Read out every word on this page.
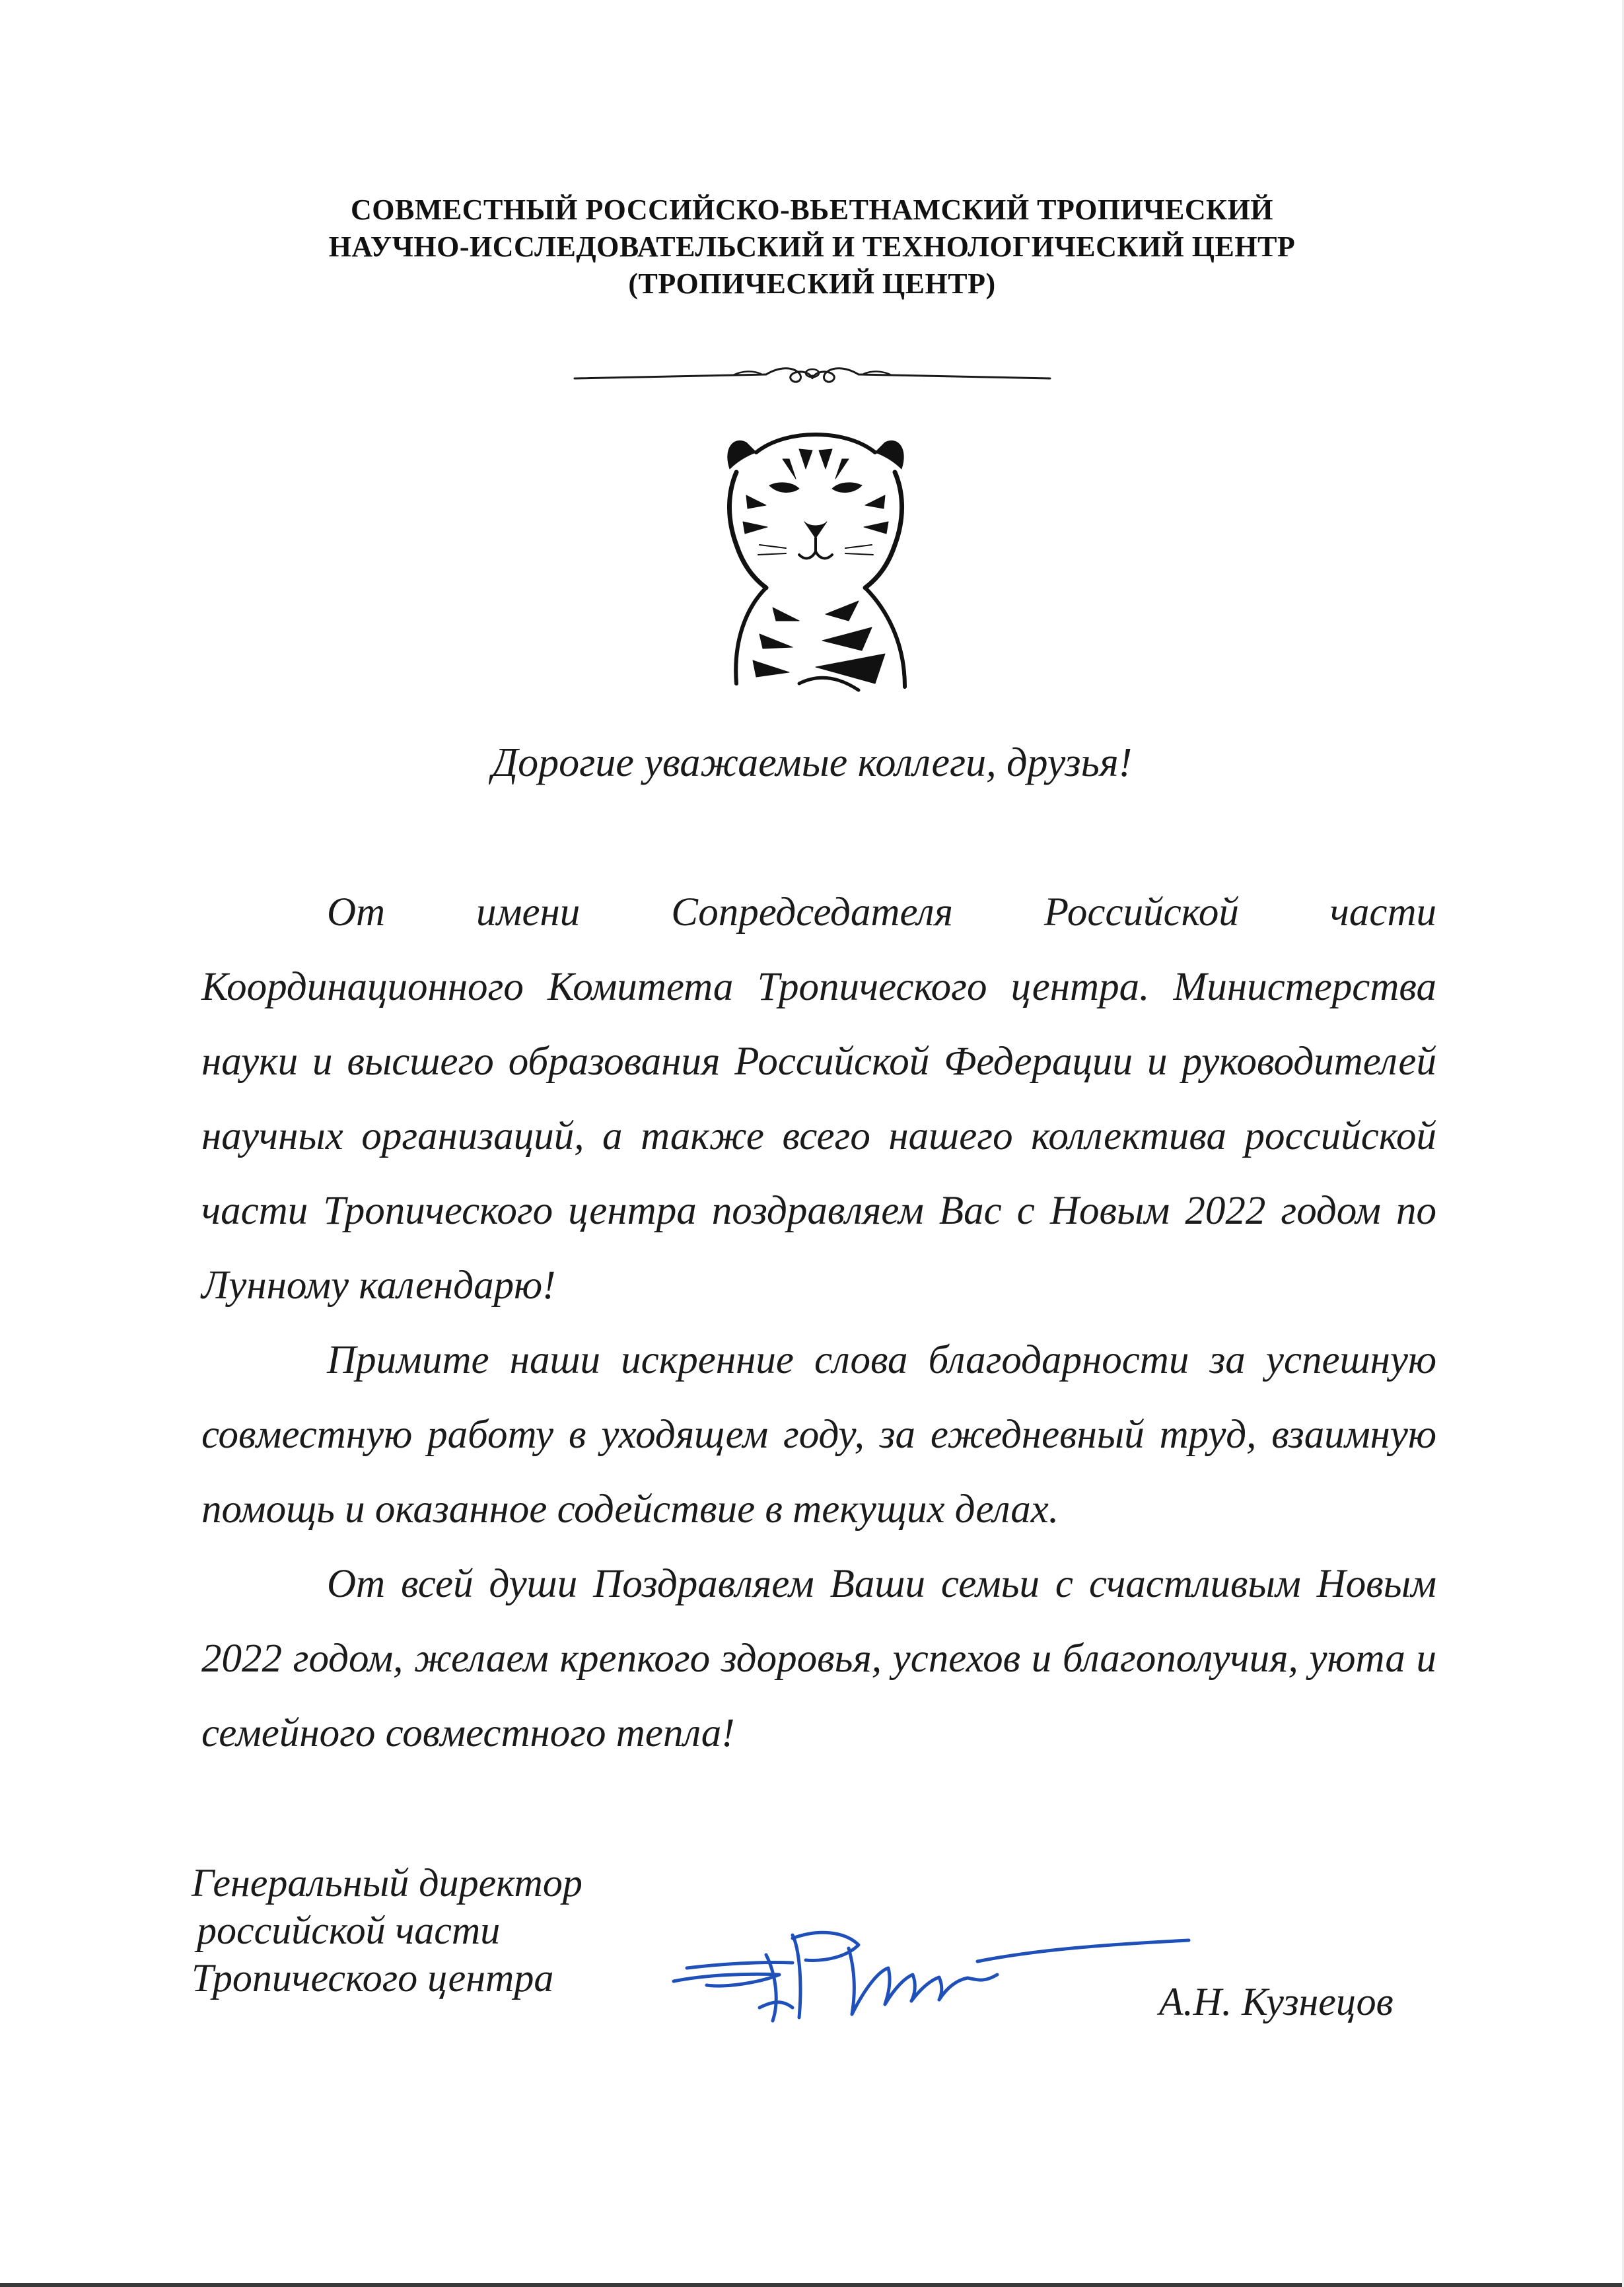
СОВМЕСТНЫЙ РОССИЙСКО-ВЬЕТНАМСКИЙ ТРОПИЧЕСКИЙ
НАУЧНО-ИССЛЕДОВАТЕЛЬСКИЙ И ТЕХНОЛОГИЧЕСКИЙ ЦЕНТР
(ТРОПИЧЕСКИЙ ЦЕНТР)
Дорогие уважаемые коллеги, друзья!

От имени Сопредседателя Российской части Координационного Комитета Тропического центра. Министерства науки и высшего образования Российской Федерации и руководителей научных организаций, а также всего нашего коллектива российской части Тропического центра поздравляем Вас с Новым 2022 годом по Лунному календарю!

Примите наши искренние слова благодарности за успешную совместную работу в уходящем году, за ежедневный труд, взаимную помощь и оказанное содействие в текущих делах.

От всей души Поздравляем Ваши семьи с счастливым Новым 2022 годом, желаем крепкого здоровья, успехов и благополучия, уюта и семейного совместного тепла!

Генеральный директор
российской части
Тропического центра
А.Н. Кузнецов
